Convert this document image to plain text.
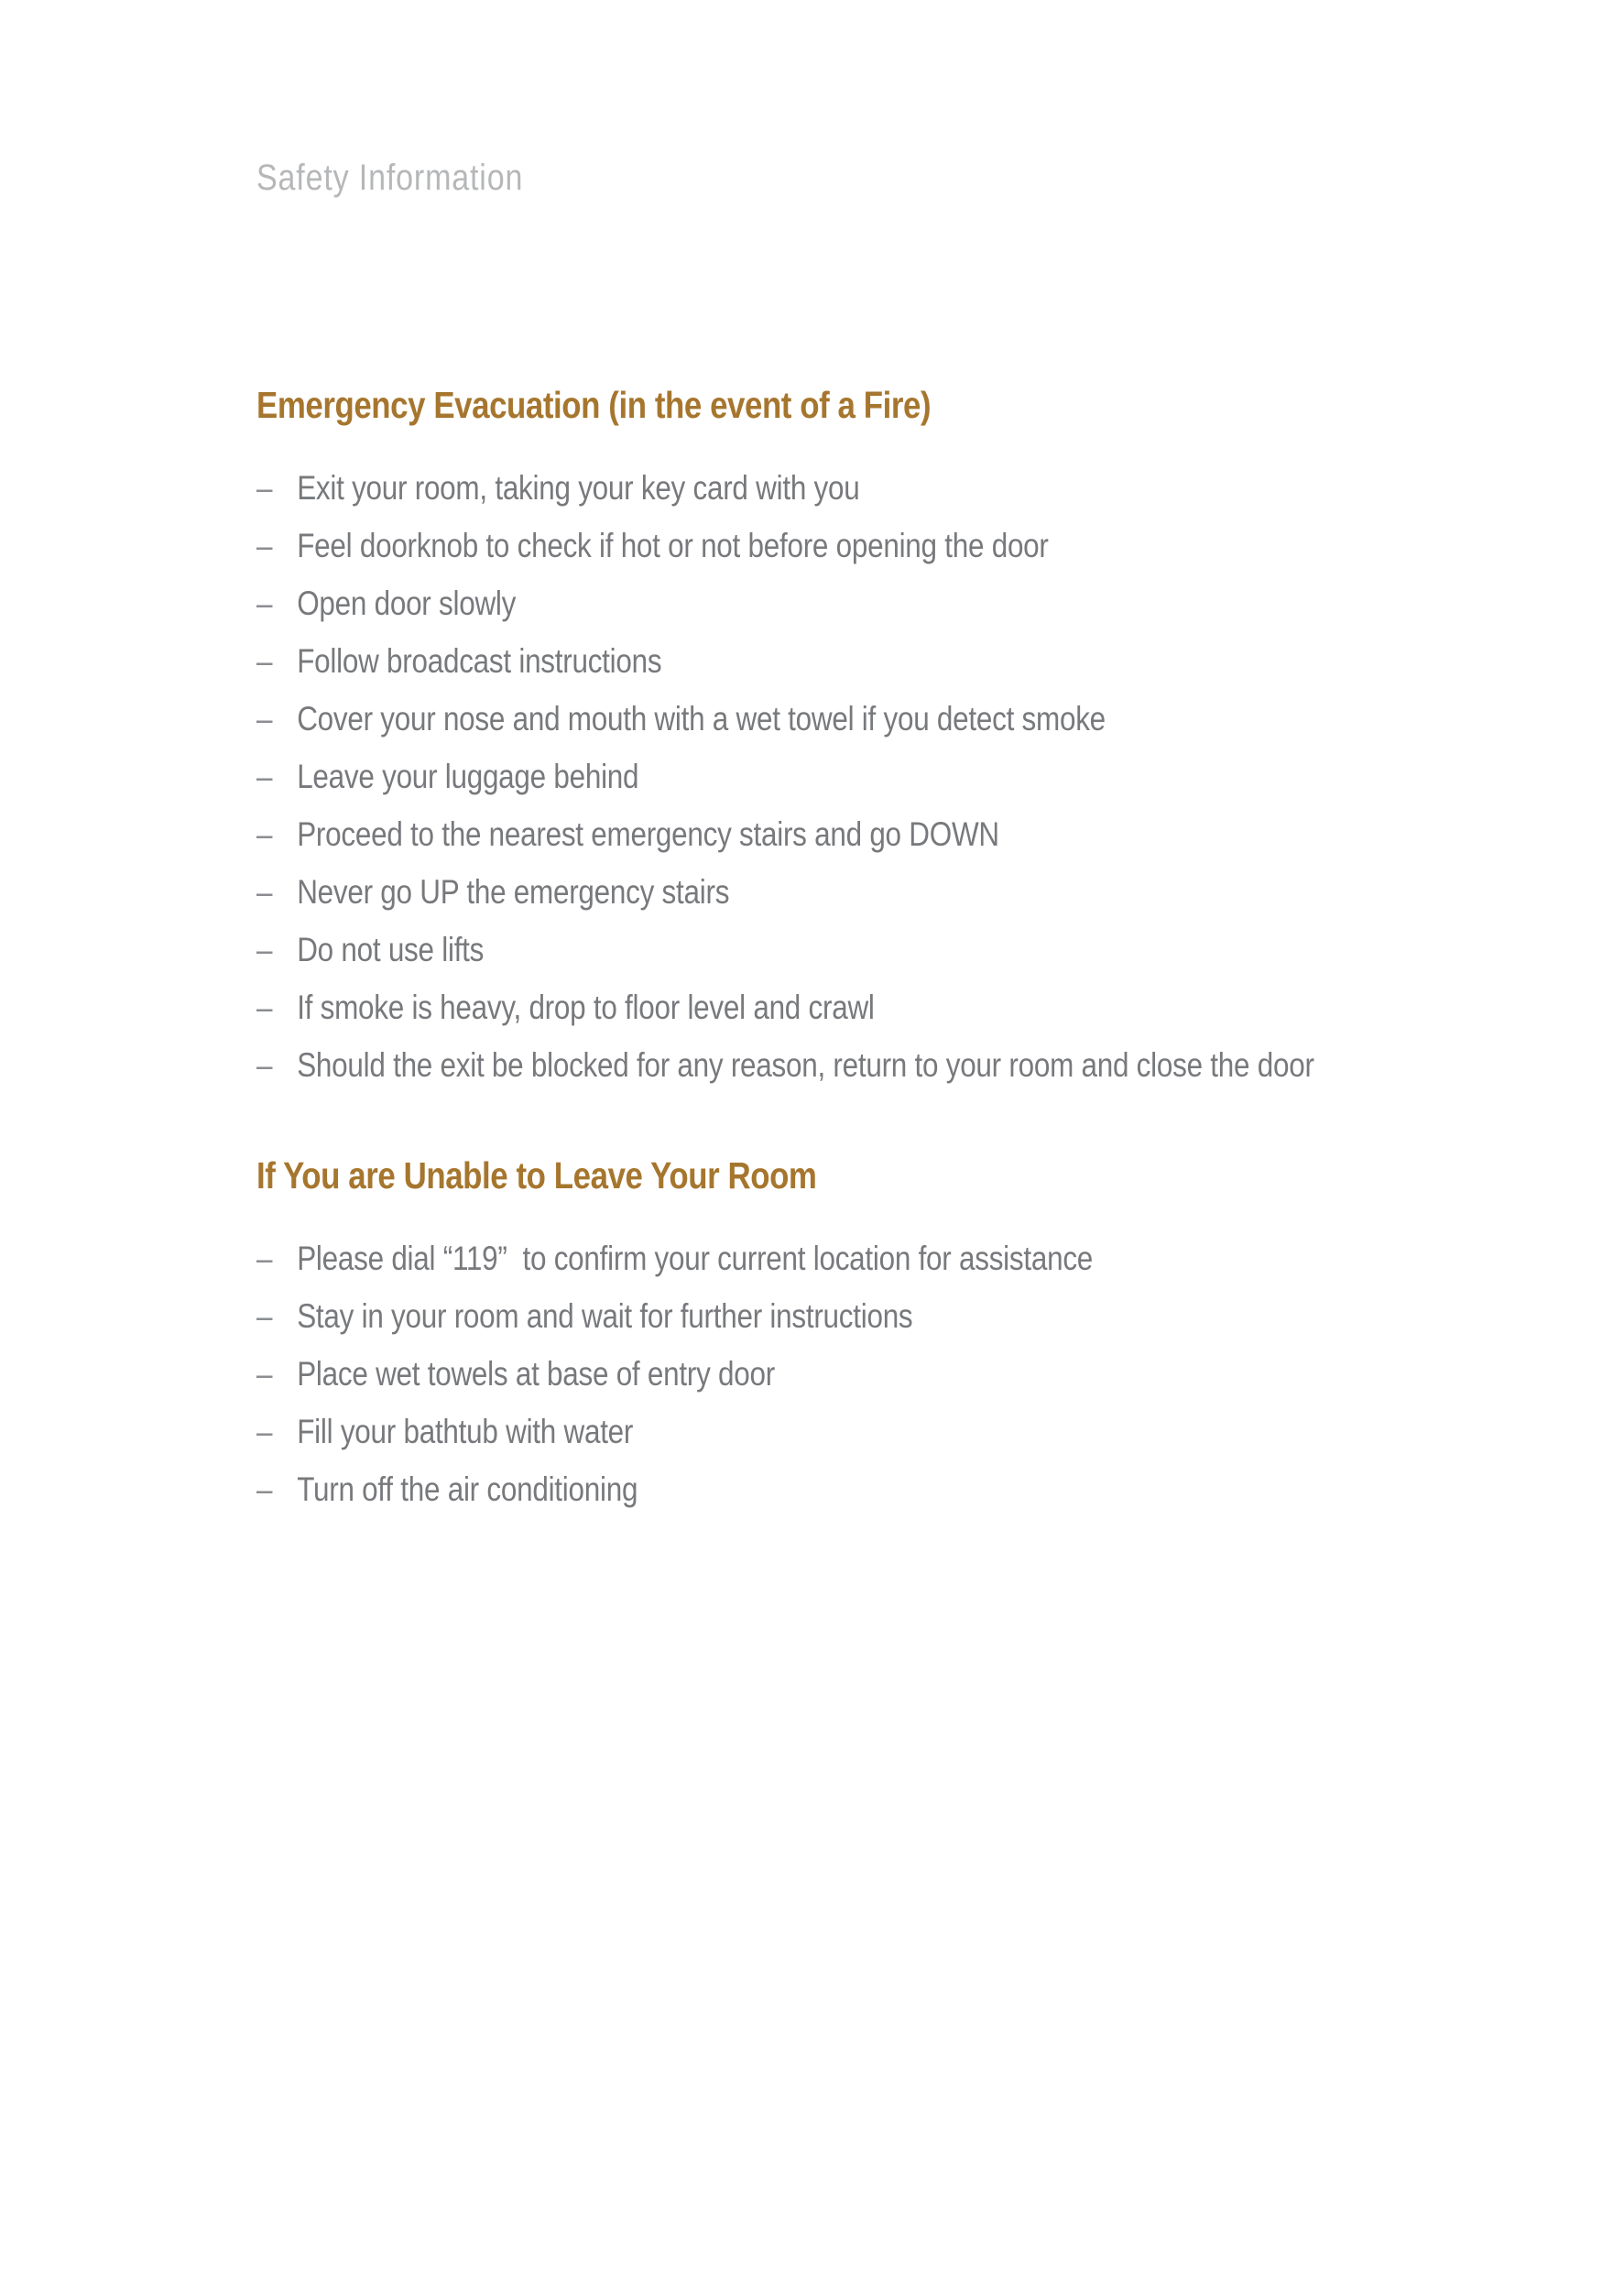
Safety Information
Emergency Evacuation (in the event of a Fire)
– Exit your room, taking your key card with you
– Feel doorknob to check if hot or not before opening the door
– Open door slowly
– Follow broadcast instructions
– Cover your nose and mouth with a wet towel if you detect smoke
– Leave your luggage behind
– Proceed to the nearest emergency stairs and go DOWN
– Never go UP the emergency stairs
– Do not use lifts
– If smoke is heavy, drop to floor level and crawl
– Should the exit be blocked for any reason, return to your room and close the door
If You are Unable to Leave Your Room
– Please dial “119”  to confirm your current location for assistance
– Stay in your room and wait for further instructions
– Place wet towels at base of entry door
– Fill your bathtub with water
– Turn off the air conditioning
